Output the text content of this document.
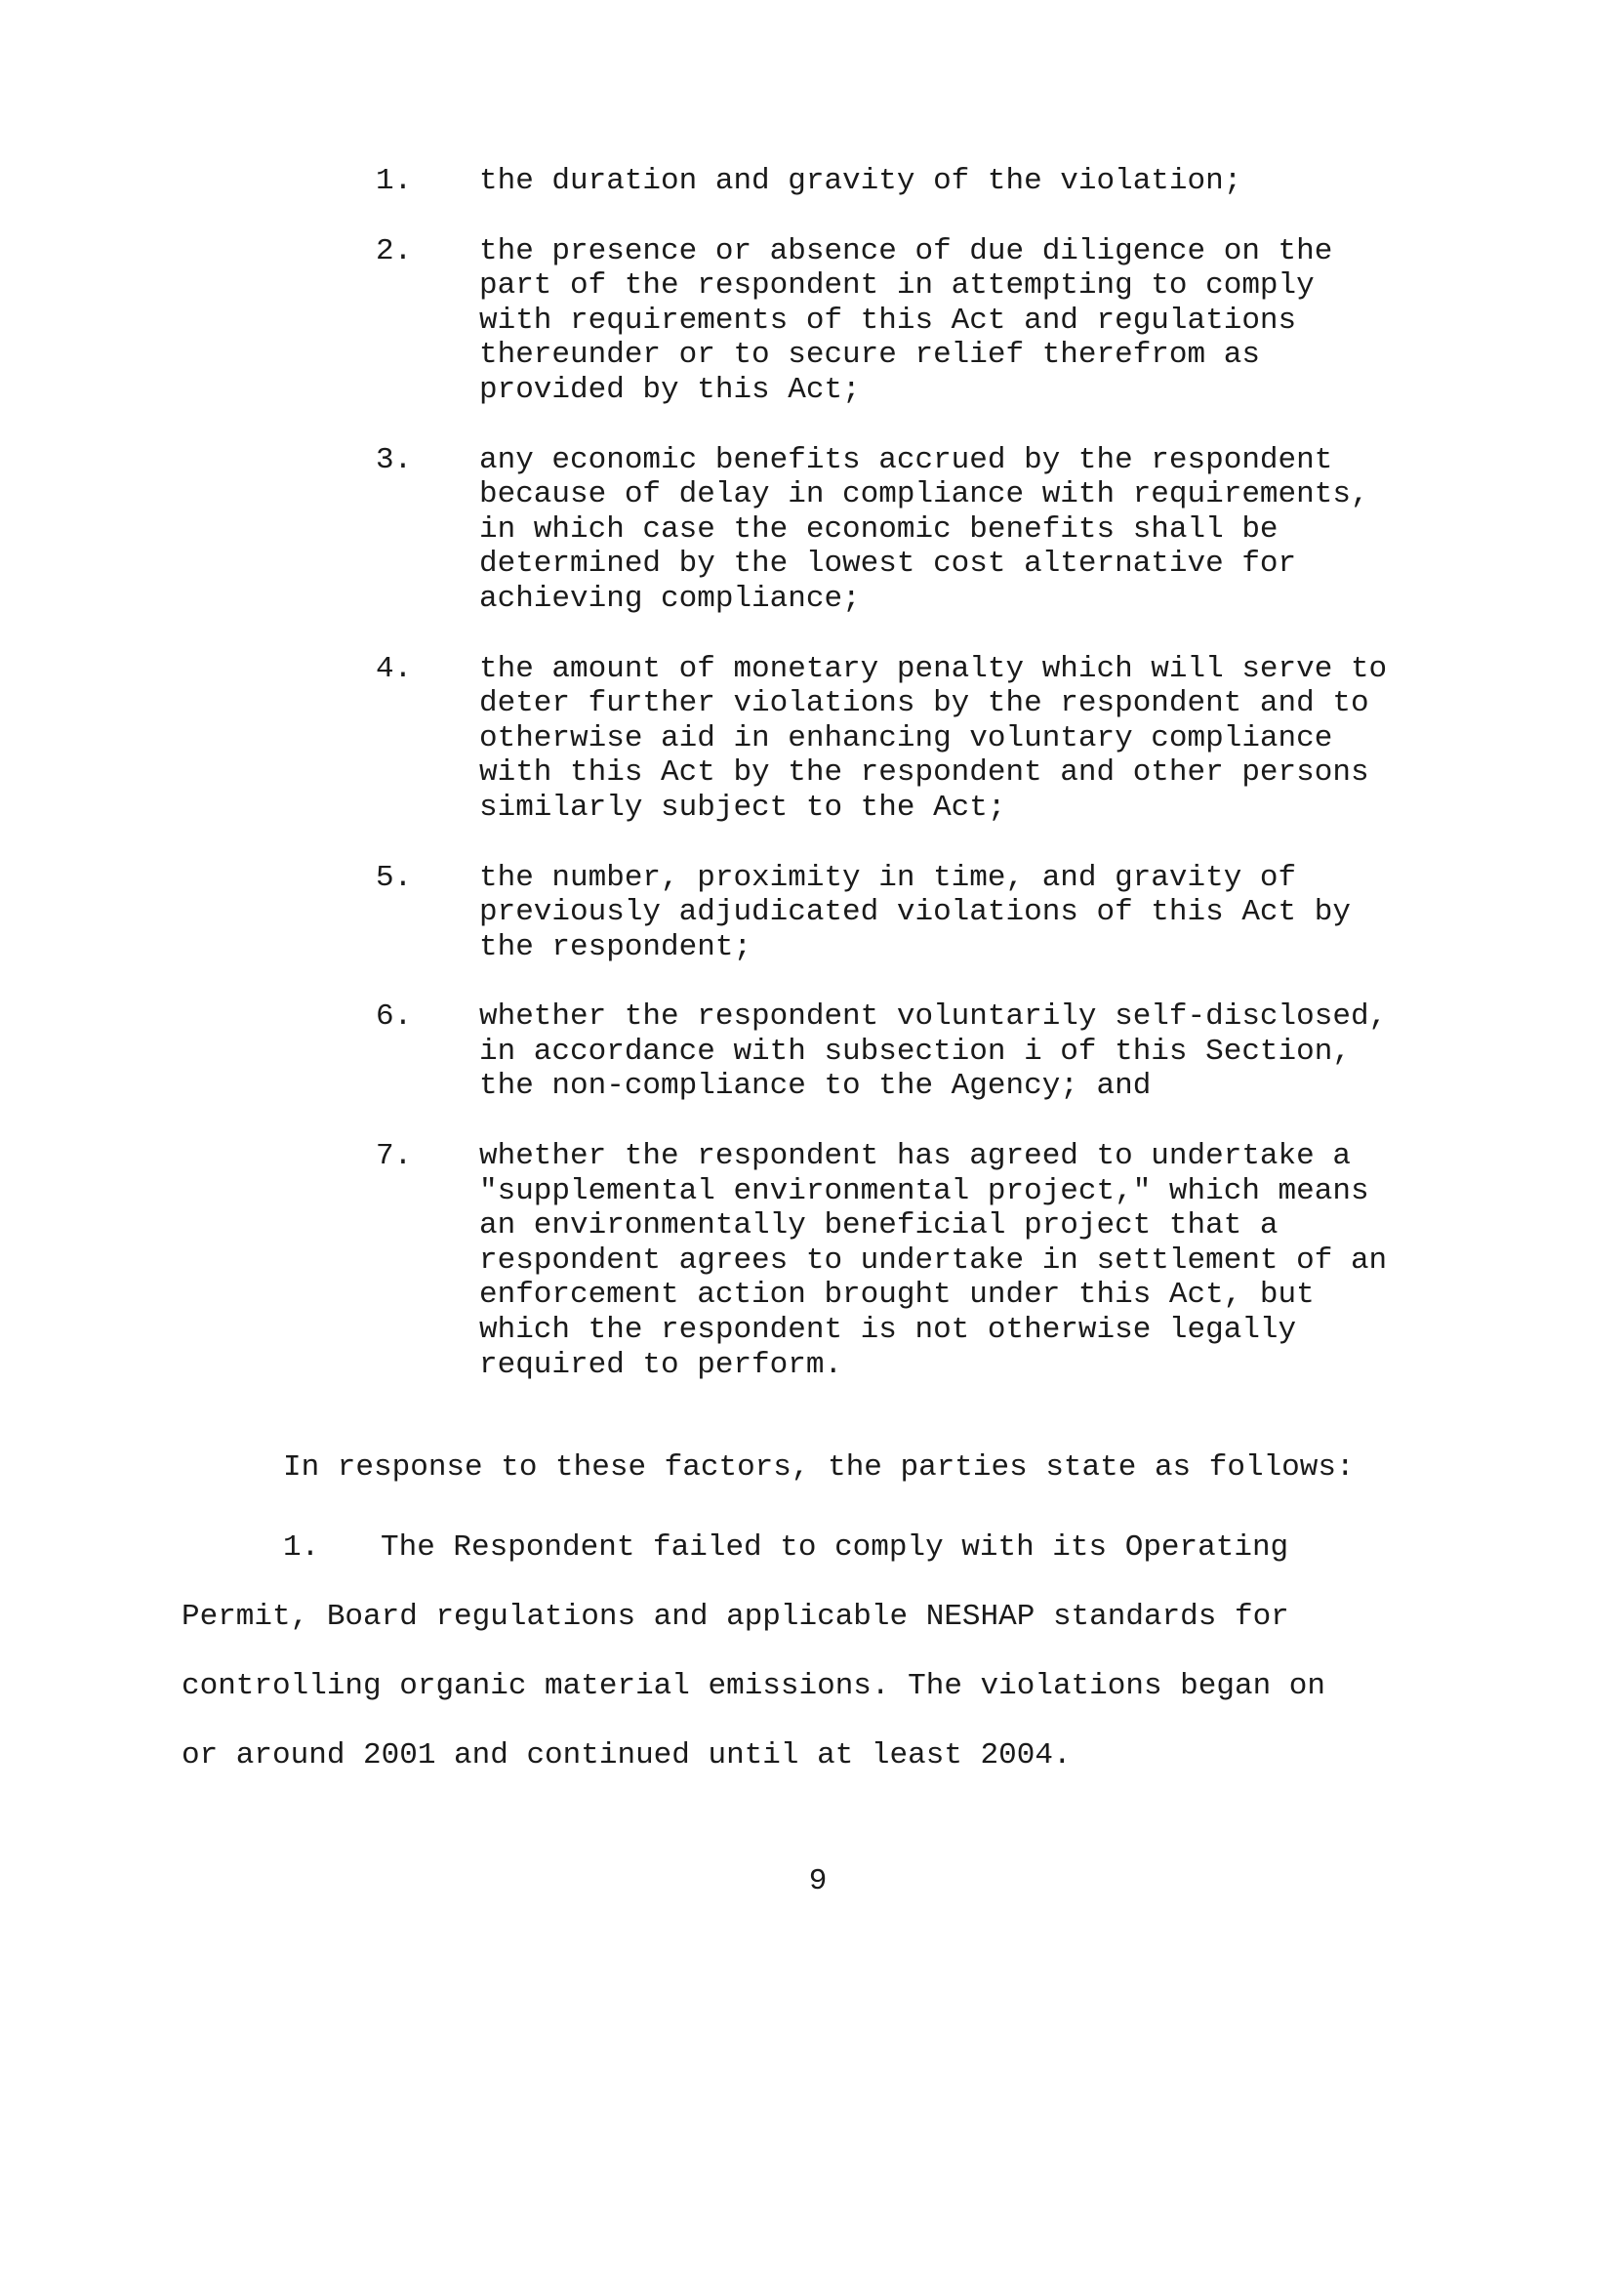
1.	the duration and gravity of the violation;
2.	the presence or absence of due diligence on the
part of the respondent in attempting to comply
with requirements of this Act and regulations
thereunder or to secure relief therefrom as
provided by this Act;
3.	any economic benefits accrued by the respondent
because of delay in compliance with requirements,
in which case the economic benefits shall be
determined by the lowest cost alternative for
achieving compliance;
4.	the amount of monetary penalty which will serve to
deter further violations by the respondent and to
otherwise aid in enhancing voluntary compliance
with this Act by the respondent and other persons
similarly subject to the Act;
5.	the number, proximity in time, and gravity of
previously adjudicated violations of this Act by
the respondent;
6.	whether the respondent voluntarily self-disclosed,
in accordance with subsection i of this Section,
the non-compliance to the Agency; and
7.	whether the respondent has agreed to undertake a
"supplemental environmental project," which means
an environmentally beneficial project that a
respondent agrees to undertake in settlement of an
enforcement action brought under this Act, but
which the respondent is not otherwise legally
required to perform.

In response to these factors, the parties state as follows:

1. The Respondent failed to comply with its Operating
Permit, Board regulations and applicable NESHAP standards for
controlling organic material emissions. The violations began on
or around 2001 and continued until at least 2004.

9
